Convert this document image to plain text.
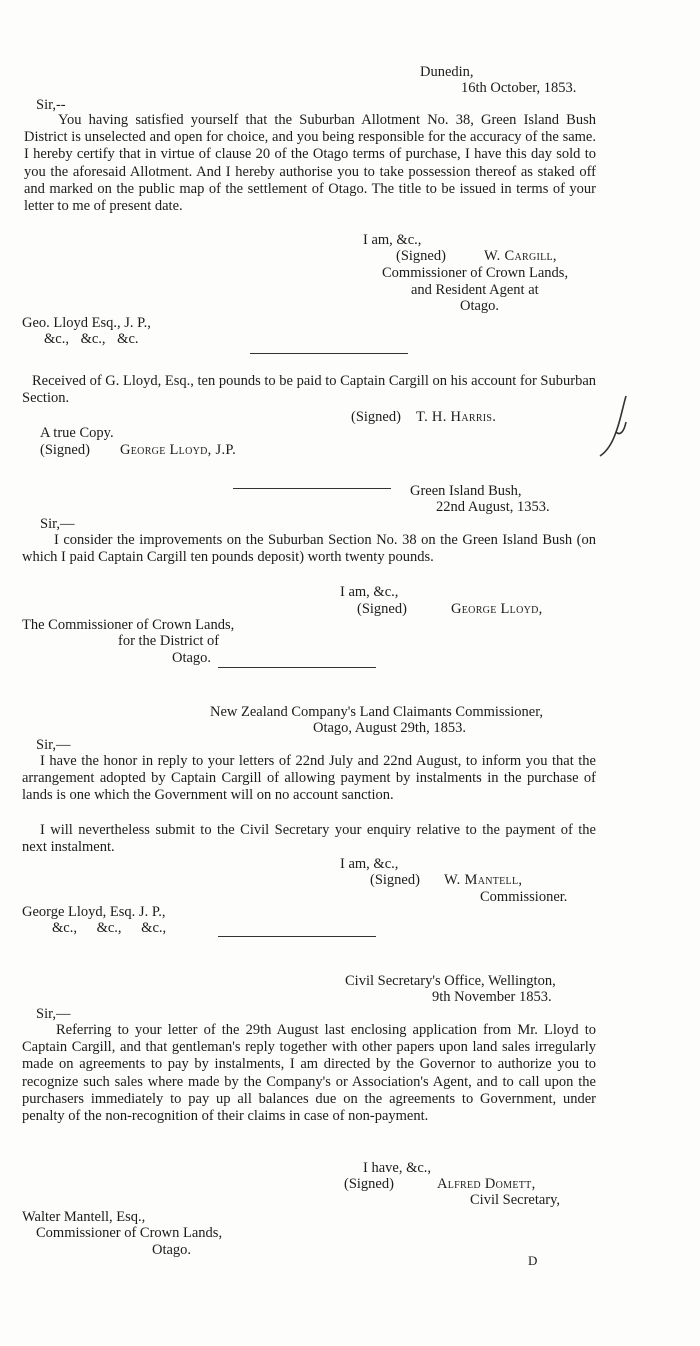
Dunedin,
16th October, 1853.
Sir,--
You having satisfied yourself that the Suburban Allotment No. 38, Green Island Bush District is unselected and open for choice, and you being responsible for the accuracy of the same. I hereby certify that in virtue of clause 20 of the Otago terms of purchase, I have this day sold to you the aforesaid Allotment. And I hereby authorise you to take possession thereof as staked off and marked on the public map of the settlement of Otago. The title to be issued in terms of your letter to me of present date.
I am, &c.,
(Signed)	W. Cargill,
Commissioner of Crown Lands,
and Resident Agent at
Otago.
Geo. Lloyd Esq., J. P.,
&c., &c., &c.
Received of G. Lloyd, Esq., ten pounds to be paid to Captain Cargill on his account for Suburban Section.
(Signed) T. H. Harris.
A true Copy.
(Signed) George Lloyd, J.P.
Green Island Bush,
22nd August, 1353.
Sir,—
I consider the improvements on the Suburban Section No. 38 on the Green Island Bush (on which I paid Captain Cargill ten pounds deposit) worth twenty pounds.
I am, &c.,
(Signed)	George Lloyd,
The Commissioner of Crown Lands,
for the District of
Otago.
New Zealand Company's Land Claimants Commissioner,
Otago, August 29th, 1853.
Sir,—
I have the honor in reply to your letters of 22nd July and 22nd August, to inform you that the arrangement adopted by Captain Cargill of allowing payment by instalments in the purchase of lands is one which the Government will on no account sanction.
I will nevertheless submit to the Civil Secretary your enquiry relative to the payment of the next instalment.
I am, &c.,
(Signed) W. Mantell,
Commissioner.
George Lloyd, Esq. J. P.,
&c., &c., &c.,
Civil Secretary's Office, Wellington,
9th November 1853.
Sir,—
Referring to your letter of the 29th August last enclosing application from Mr. Lloyd to Captain Cargill, and that gentleman's reply together with other papers upon land sales irregularly made on agreements to pay by instalments, I am directed by the Governor to authorize you to recognize such sales where made by the Company's or Association's Agent, and to call upon the purchasers immediately to pay up all balances due on the agreements to Government, under penalty of the non-recognition of their claims in case of non-payment.
I have, &c.,
(Signed)	Alfred Domett,
Civil Secretary,
Walter Mantell, Esq.,
Commissioner of Crown Lands,
Otago.
D
